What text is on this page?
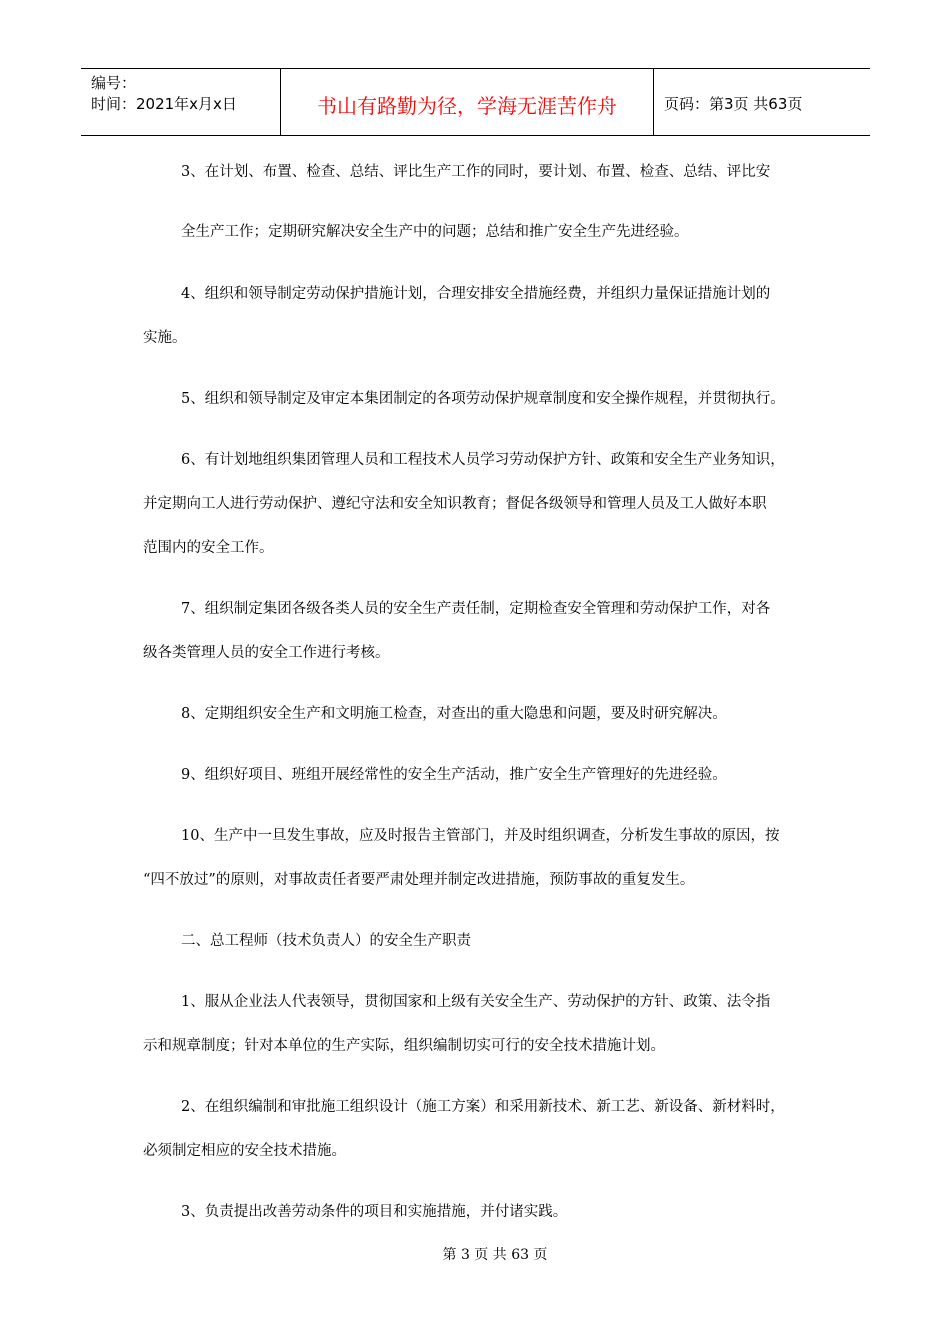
编号：
时间：2021年x月x日	书山有路勤为径，学海无涯苦作舟	页码：第3页 共63页
3、在计划、布置、检查、总结、评比生产工作的同时，要计划、布置、检查、总结、评比安
全生产工作；定期研究解决安全生产中的问题；总结和推广安全生产先进经验。
4、组织和领导制定劳动保护措施计划，合理安排安全措施经费，并组织力量保证措施计划的
实施。
5、组织和领导制定及审定本集团制定的各项劳动保护规章制度和安全操作规程，并贯彻执行。
6、有计划地组织集团管理人员和工程技术人员学习劳动保护方针、政策和安全生产业务知识，
并定期向工人进行劳动保护、遵纪守法和安全知识教育；督促各级领导和管理人员及工人做好本职
范围内的安全工作。
7、组织制定集团各级各类人员的安全生产责任制，定期检查安全管理和劳动保护工作，对各
级各类管理人员的安全工作进行考核。
8、定期组织安全生产和文明施工检查，对查出的重大隐患和问题，要及时研究解决。
9、组织好项目、班组开展经常性的安全生产活动，推广安全生产管理好的先进经验。
10、生产中一旦发生事故，应及时报告主管部门，并及时组织调查，分析发生事故的原因，按
“四不放过”的原则，对事故责任者要严肃处理并制定改进措施，预防事故的重复发生。
二、总工程师（技术负责人）的安全生产职责
1、服从企业法人代表领导，贯彻国家和上级有关安全生产、劳动保护的方针、政策、法令指
示和规章制度；针对本单位的生产实际，组织编制切实可行的安全技术措施计划。
2、在组织编制和审批施工组织设计（施工方案）和采用新技术、新工艺、新设备、新材料时，
必须制定相应的安全技术措施。
3、负责提出改善劳动条件的项目和实施措施，并付诸实践。
第 3 页 共 63 页
